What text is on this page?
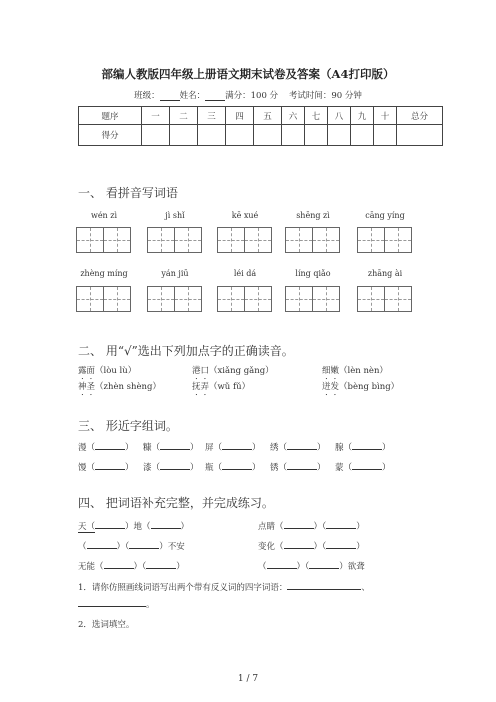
部编人教版四年级上册语文期末试卷及答案（A4打印版）
班级： 姓名： 满分：100 分 考试时间：90 分钟
题序	一	二	三	四	五	六	七	八	九	十	总分
得分											
一、 看拼音写词语
wén zì	jì shǐ	kē xué	shēng zì	cāng yíng
zhèng míng	yán jiū	léi dá	líng qiǎo	zhāng ài
二、 用“√”选出下列加点字的正确读音。
露面（lòu lù）	港口（xiǎng gǎng）	细嫩（lèn nèn）
神圣（zhèn shèng）	抚弄（wǔ fǔ）	迸发（bèng bìng）
三、 形近字组词。
漫（	） 糠（	） 屏（	） 绣（	） 腺（	）
馒（	） 漆（	） 瓶（	） 锈（	） 蒙（	）
四、 把词语补充完整，并完成练习。
天（	）地（	）	点睛（	）（	）
（	）（	）不安	变化（	）（	）
无能（	）（	）	（	）（	）欲聋
1．请你仿照画线词语写出两个带有反义词的四字词语：	、
。
2．选词填空。
1 / 7
